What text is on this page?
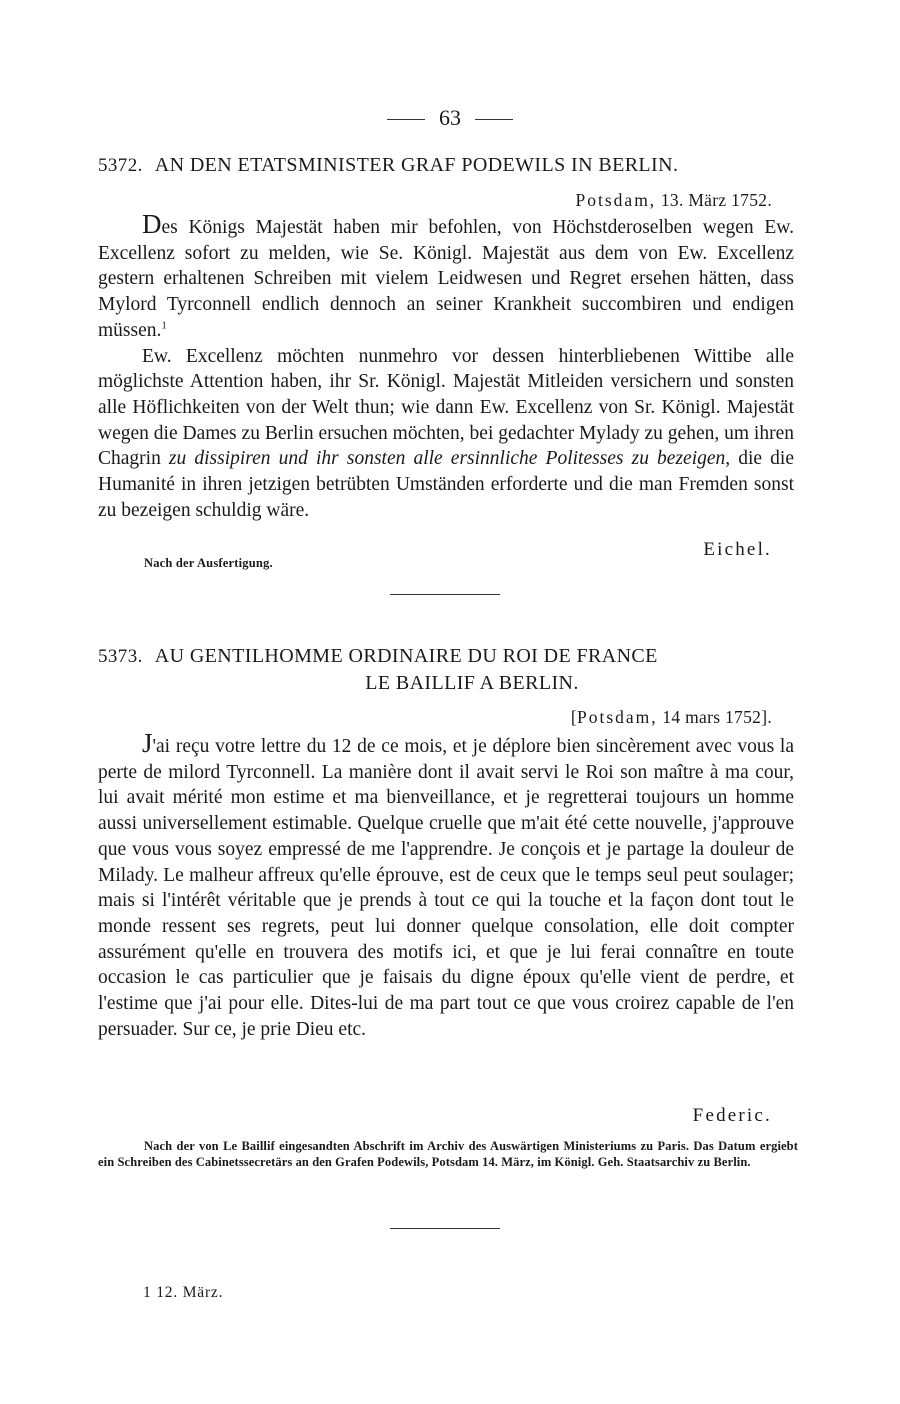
63
5372. AN DEN ETATSMINISTER GRAF PODEWILS IN BERLIN.
Potsdam, 13. März 1752.

Des Königs Majestät haben mir befohlen, von Höchstderoselben wegen Ew. Excellenz sofort zu melden, wie Se. Königl. Majestät aus dem von Ew. Excellenz gestern erhaltenen Schreiben mit vielem Leidwesen und Regret ersehen hätten, dass Mylord Tyrconnell endlich dennoch an seiner Krankheit succombiren und endigen müssen.$^1$

Ew. Excellenz möchten nunmehro vor dessen hinterbliebenen Wittibe alle möglichste Attention haben, ihr Sr. Königl. Majestät Mitleiden versichern und sonsten alle Höflichkeiten von der Welt thun; wie dann Ew. Excellenz von Sr. Königl. Majestät wegen die Dames zu Berlin ersuchen möchten, bei gedachter Mylady zu gehen, um ihren Chagrin zu dissipiren und ihr sonsten alle ersinnliche Politesses zu bezeigen, die die Humanité in ihren jetzigen betrübten Umständen erforderte und die man Fremden sonst zu bezeigen schuldig wäre.

Eichel.
Nach der Ausfertigung.
5373. AU GENTILHOMME ORDINAIRE DU ROI DE FRANCE
LE BAILLIF A BERLIN.
[Potsdam, 14 mars 1752].

J'ai reçu votre lettre du 12 de ce mois, et je déplore bien sincèrement avec vous la perte de milord Tyrconnell. La manière dont il avait servi le Roi son maître à ma cour, lui avait mérité mon estime et ma bienveillance, et je regretterai toujours un homme aussi universellement estimable. Quelque cruelle que m'ait été cette nouvelle, j'approuve que vous vous soyez empressé de me l'apprendre. Je conçois et je partage la douleur de Milady. Le malheur affreux qu'elle éprouve, est de ceux que le temps seul peut soulager; mais si l'intérêt véritable que je prends à tout ce qui la touche et la façon dont tout le monde ressent ses regrets, peut lui donner quelque consolation, elle doit compter assurément qu'elle en trouvera des motifs ici, et que je lui ferai connaître en toute occasion le cas particulier que je faisais du digne époux qu'elle vient de perdre, et l'estime que j'ai pour elle. Dites-lui de ma part tout ce que vous croirez capable de l'en persuader. Sur ce, je prie Dieu etc.

Federic.
Nach der von Le Baillif eingesandten Abschrift im Archiv des Auswärtigen Ministeriums zu Paris. Das Datum ergiebt ein Schreiben des Cabinetssecretärs an den Grafen Podewils, Potsdam 14. März, im Königl. Geh. Staatsarchiv zu Berlin.
1 12. März.
